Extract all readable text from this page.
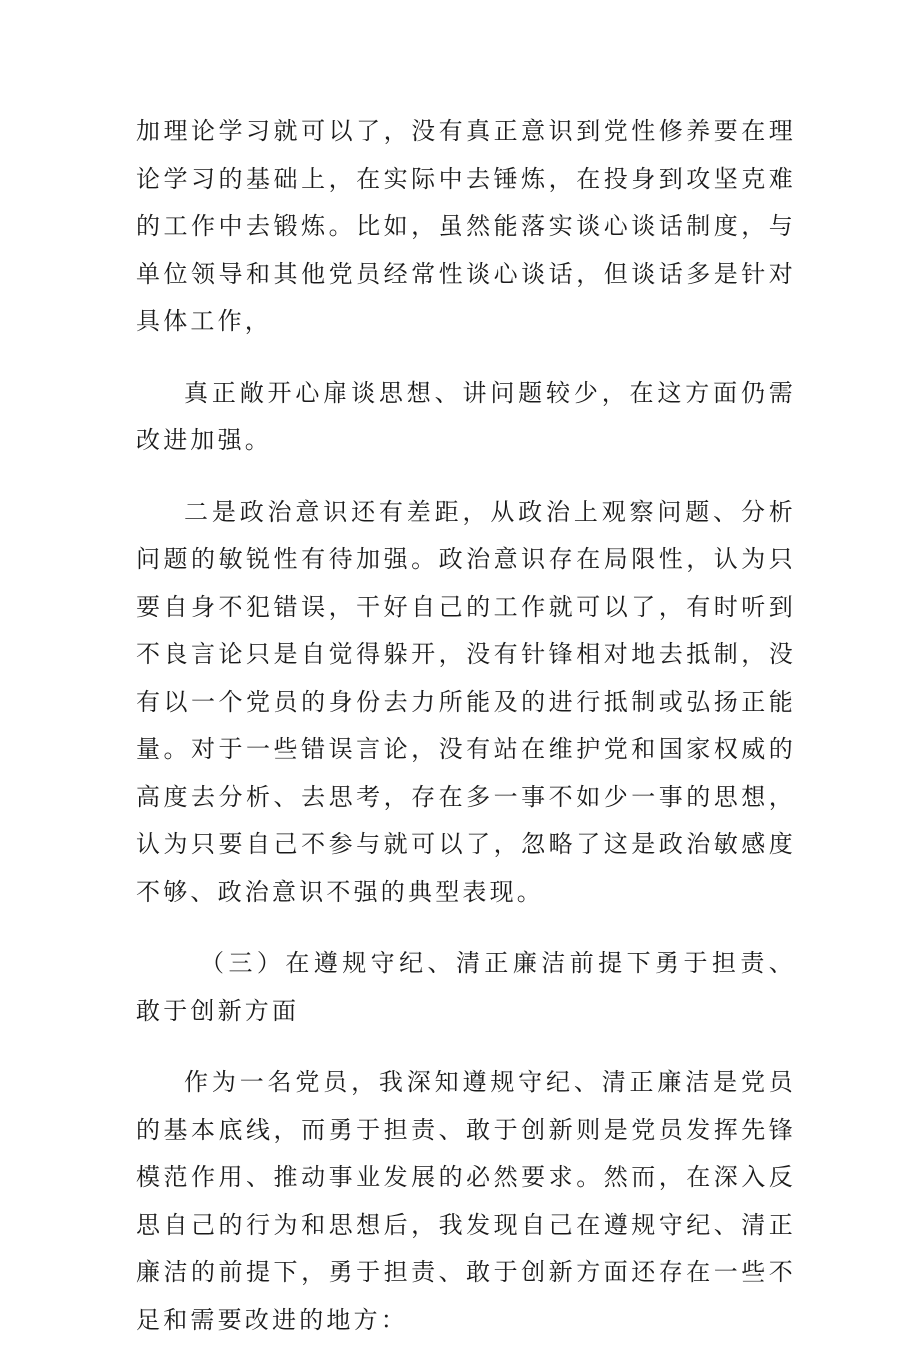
加理论学习就可以了，没有真正意识到党性修养要在理论学习的基础上，在实际中去锤炼，在投身到攻坚克难的工作中去锻炼。比如，虽然能落实谈心谈话制度，与单位领导和其他党员经常性谈心谈话，但谈话多是针对具体工作，

真正敞开心扉谈思想、讲问题较少，在这方面仍需改进加强。

二是政治意识还有差距，从政治上观察问题、分析问题的敏锐性有待加强。政治意识存在局限性，认为只要自身不犯错误，干好自己的工作就可以了，有时听到不良言论只是自觉得躲开，没有针锋相对地去抵制，没有以一个党员的身份去力所能及的进行抵制或弘扬正能量。对于一些错误言论，没有站在维护党和国家权威的高度去分析、去思考，存在多一事不如少一事的思想，认为只要自己不参与就可以了，忽略了这是政治敏感度不够、政治意识不强的典型表现。

（三）在遵规守纪、清正廉洁前提下勇于担责、敢于创新方面

作为一名党员，我深知遵规守纪、清正廉洁是党员的基本底线，而勇于担责、敢于创新则是党员发挥先锋模范作用、推动事业发展的必然要求。然而，在深入反思自己的行为和思想后，我发现自己在遵规守纪、清正廉洁的前提下，勇于担责、敢于创新方面还存在一些不足和需要改进的地方：
